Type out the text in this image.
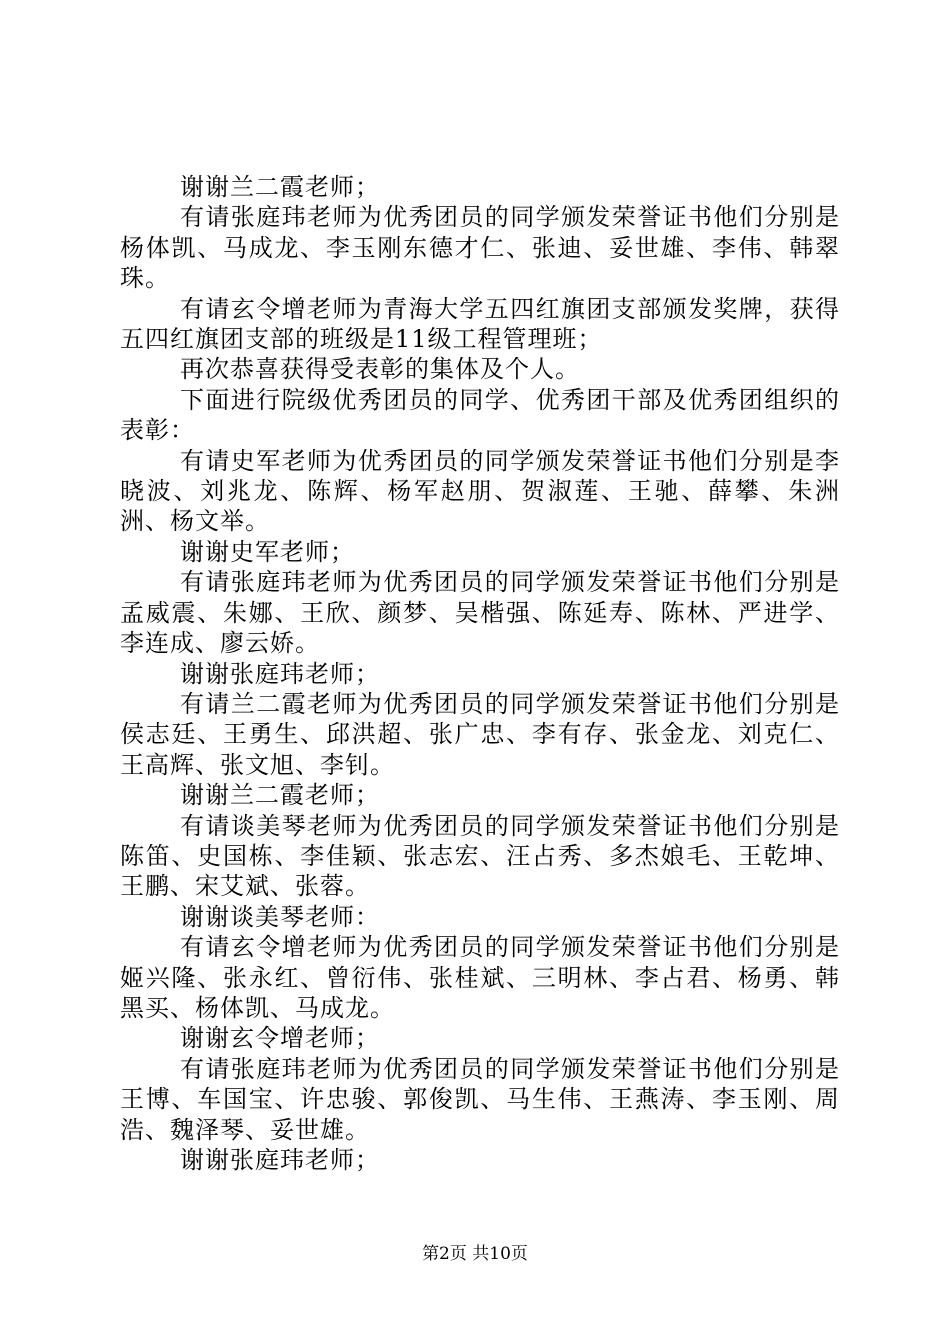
谢谢兰二霞老师；

有请张庭玮老师为优秀团员的同学颁发荣誉证书他们分别是杨体凯、马成龙、李玉刚东德才仁、张迪、妥世雄、李伟、韩翠珠。

有请玄令增老师为青海大学五四红旗团支部颁发奖牌，获得五四红旗团支部的班级是11级工程管理班；

再次恭喜获得受表彰的集体及个人。

下面进行院级优秀团员的同学、优秀团干部及优秀团组织的表彰：

有请史军老师为优秀团员的同学颁发荣誉证书他们分别是李晓波、刘兆龙、陈辉、杨军赵朋、贺淑莲、王驰、薛攀、朱洲洲、杨文举。

谢谢史军老师；

有请张庭玮老师为优秀团员的同学颁发荣誉证书他们分别是孟威震、朱娜、王欣、颜梦、吴楷强、陈延寿、陈林、严进学、李连成、廖云娇。

谢谢张庭玮老师；

有请兰二霞老师为优秀团员的同学颁发荣誉证书他们分别是侯志廷、王勇生、邱洪超、张广忠、李有存、张金龙、刘克仁、王高辉、张文旭、李钊。

谢谢兰二霞老师；

有请谈美琴老师为优秀团员的同学颁发荣誉证书他们分别是陈笛、史国栋、李佳颖、张志宏、汪占秀、多杰娘毛、王乾坤、王鹏、宋艾斌、张蓉。

谢谢谈美琴老师：

有请玄令增老师为优秀团员的同学颁发荣誉证书他们分别是姬兴隆、张永红、曾衍伟、张桂斌、三明林、李占君、杨勇、韩黑买、杨体凯、马成龙。

谢谢玄令增老师；

有请张庭玮老师为优秀团员的同学颁发荣誉证书他们分别是王博、车国宝、许忠骏、郭俊凯、马生伟、王燕涛、李玉刚、周浩、魏泽琴、妥世雄。

谢谢张庭玮老师；

第2页 共10页
